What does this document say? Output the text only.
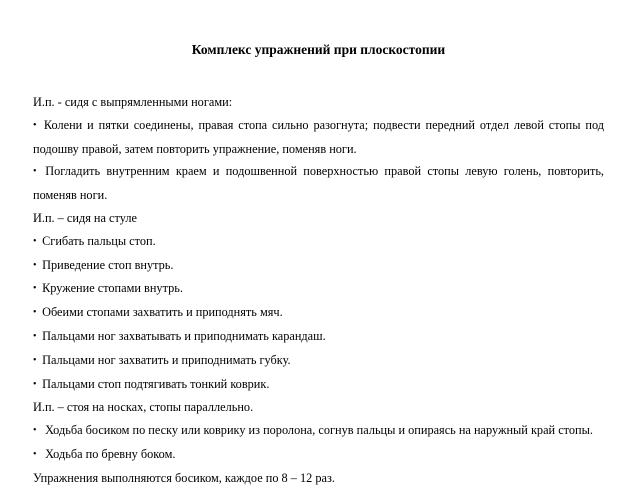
Комплекс упражнений при плоскостопии

И.п. - сидя с выпрямленными ногами:

• Колени и пятки соединены, правая стопа сильно разогнута; подвести передний отдел левой стопы под подошву правой, затем повторить упражнение, поменяв ноги.

• Погладить внутренним краем и подошвенной поверхностью правой стопы левую голень, повторить, поменяв ноги.

И.п. – сидя на стуле

• Сгибать пальцы стоп.

• Приведение стоп внутрь.

• Кружение стопами внутрь.

• Обеими стопами захватить и приподнять мяч.

• Пальцами ног захватывать и приподнимать карандаш.

• Пальцами ног захватить и приподнимать губку.

• Пальцами стоп подтягивать тонкий коврик.

И.п. – стоя на носках, стопы параллельно.

• Ходьба босиком по песку или коврику из поролона, согнув пальцы и опираясь на наружный край стопы.

• Ходьба по бревну боком.

Упражнения выполняются босиком, каждое по 8 – 12 раз.
